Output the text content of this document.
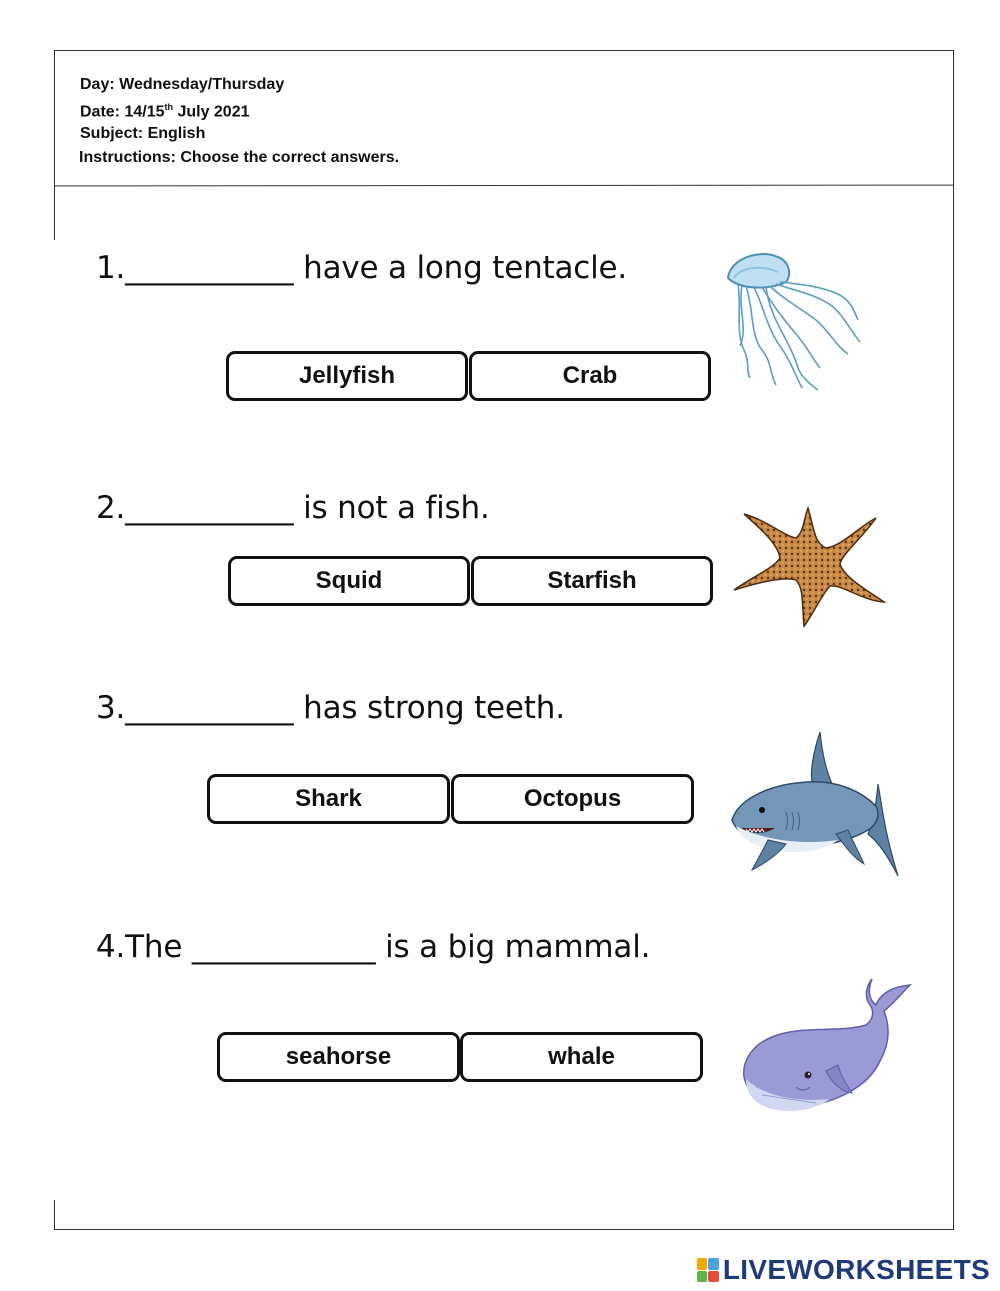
Day: Wednesday/Thursday
Date: 14/15th July 2021
Subject: English
Instructions: Choose the correct answers.
1.___________ have a long tentacle.
Jellyfish	Crab
2.___________ is not a fish.
Squid	Starfish
3.___________ has strong teeth.
Shark	Octopus
4.The ____________ is a big mammal.
seahorse	whale
LIVEWORKSHEETS
